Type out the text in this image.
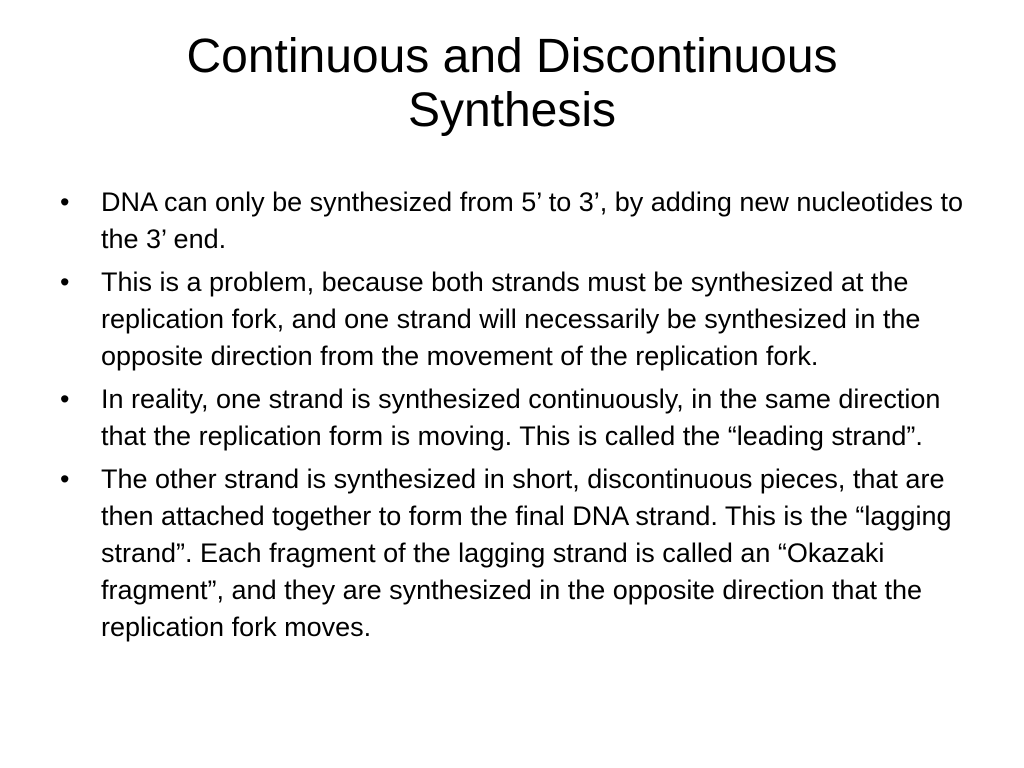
Continuous and Discontinuous
Synthesis
•	DNA can only be synthesized from 5’ to 3’, by adding new nucleotides to the 3’ end.
•	This is a problem, because both strands must be synthesized at the replication fork, and one strand will necessarily be synthesized in the opposite direction from the movement of the replication fork.
•	In reality, one strand is synthesized continuously, in the same direction that the replication form is moving. This is called the “leading strand”.
•	The other strand is synthesized in short, discontinuous pieces, that are then attached together to form the final DNA strand. This is the “lagging strand”. Each fragment of the lagging strand is called an “Okazaki fragment”, and they are synthesized in the opposite direction that the replication fork moves.
